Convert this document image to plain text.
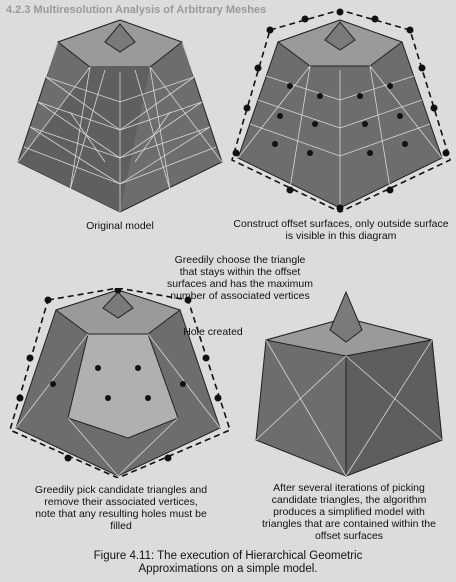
4.2.3 Multiresolution Analysis of Arbitrary Meshes
Original model	Construct offset surfaces, only outside surface
is visible in this diagram
Greedily pick candidate triangles and
remove their associated vertices,
note that any resulting holes must be
filled
Greedily choose the triangle
that stays within the offset
surfaces and has the maximum
number of associated vertices
Hole created
After several iterations of picking
candidate triangles, the algorithm
produces a simplified model with
triangles that are contained within the
offset surfaces
Figure 4.11: The execution of Hierarchical Geometric
Approximations on a simple model.
